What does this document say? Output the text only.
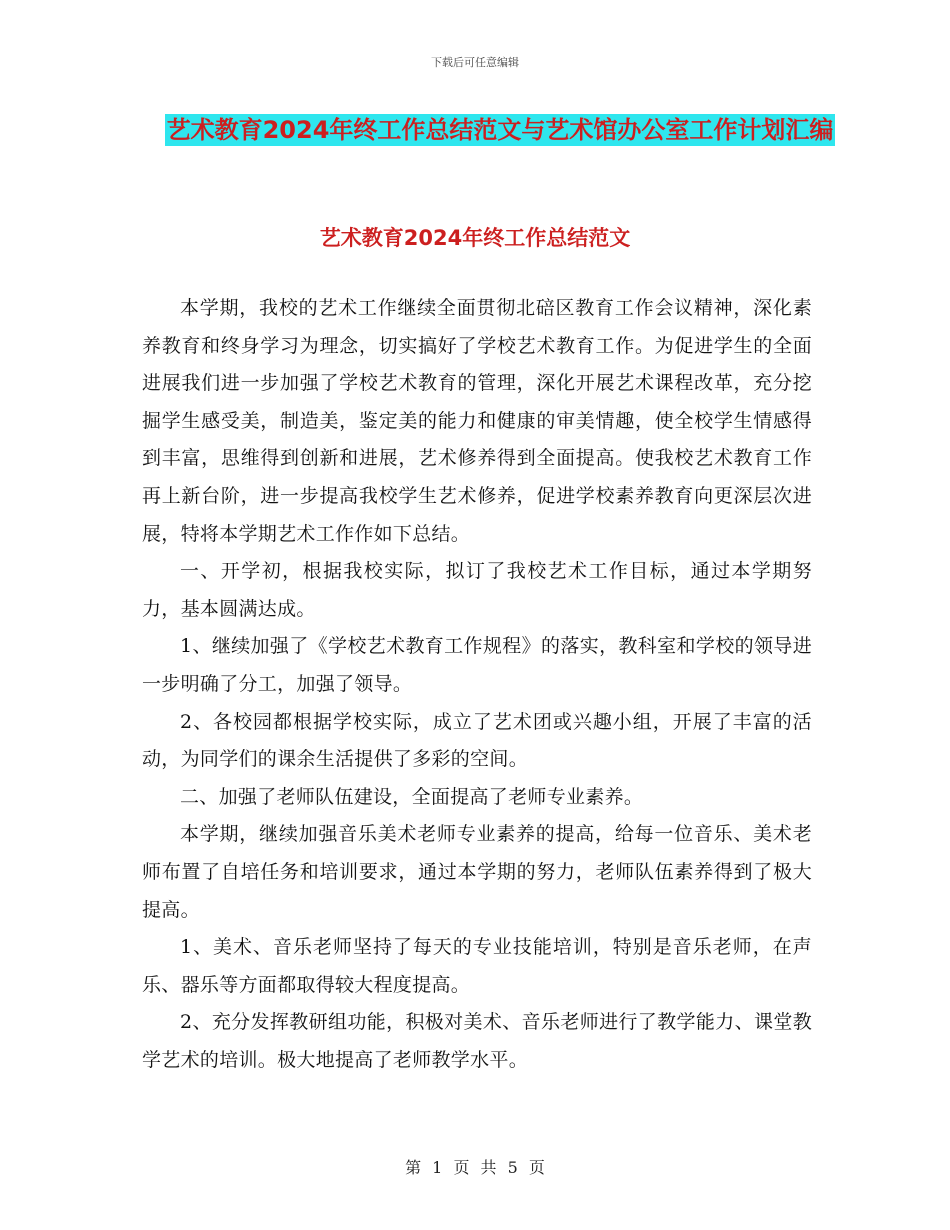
下载后可任意编辑
艺术教育2024年终工作总结范文与艺术馆办公室工作计划汇编
艺术教育2024年终工作总结范文

本学期，我校的艺术工作继续全面贯彻北碚区教育工作会议精神，深化素养教育和终身学习为理念，切实搞好了学校艺术教育工作。为促进学生的全面进展我们进一步加强了学校艺术教育的管理，深化开展艺术课程改革，充分挖掘学生感受美，制造美，鉴定美的能力和健康的审美情趣，使全校学生情感得到丰富，思维得到创新和进展，艺术修养得到全面提高。使我校艺术教育工作再上新台阶，进一步提高我校学生艺术修养，促进学校素养教育向更深层次进展，特将本学期艺术工作作如下总结。

一、开学初，根据我校实际，拟订了我校艺术工作目标，通过本学期努力，基本圆满达成。

1、继续加强了《学校艺术教育工作规程》的落实，教科室和学校的领导进一步明确了分工，加强了领导。

2、各校园都根据学校实际，成立了艺术团或兴趣小组，开展了丰富的活动，为同学们的课余生活提供了多彩的空间。

二、加强了老师队伍建设，全面提高了老师专业素养。

本学期，继续加强音乐美术老师专业素养的提高，给每一位音乐、美术老师布置了自培任务和培训要求，通过本学期的努力，老师队伍素养得到了极大提高。

1、美术、音乐老师坚持了每天的专业技能培训，特别是音乐老师，在声乐、器乐等方面都取得较大程度提高。

2、充分发挥教研组功能，积极对美术、音乐老师进行了教学能力、课堂教学艺术的培训。极大地提高了老师教学水平。

第 1 页 共 5 页
